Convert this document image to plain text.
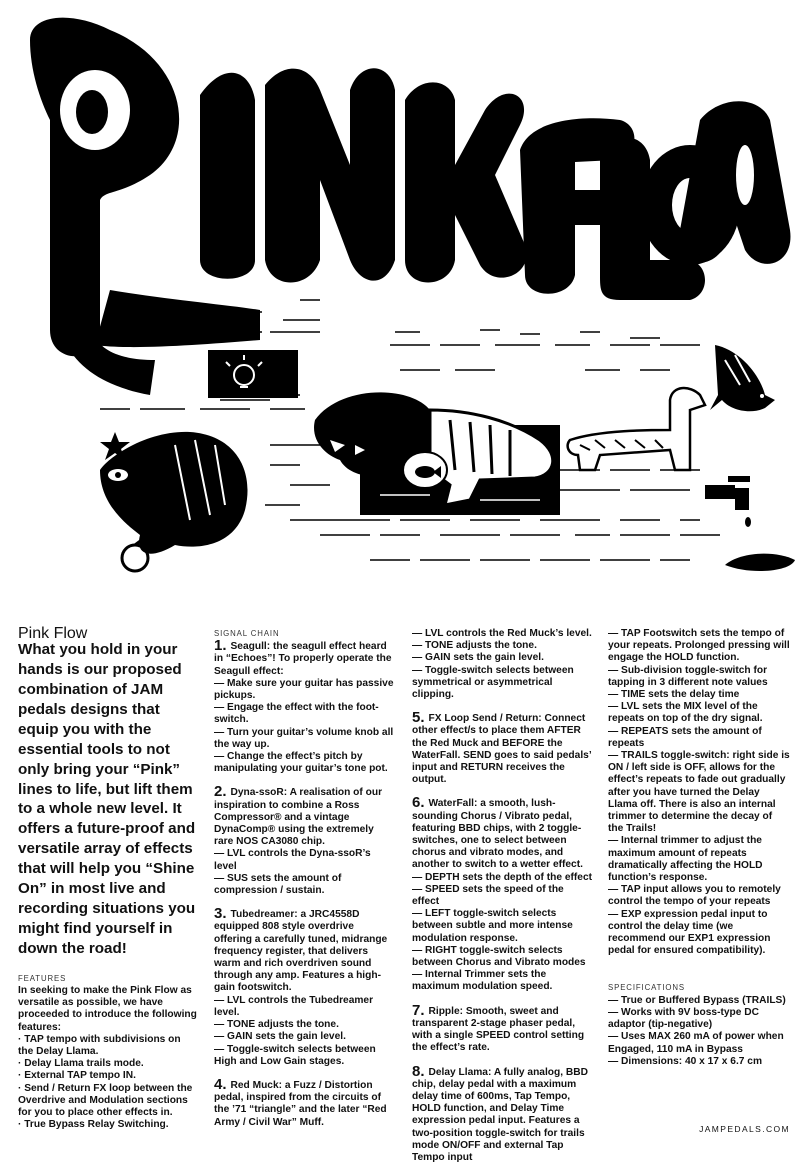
Pink Flow

What you hold in your hands is our proposed combination of JAM pedals designs that equip you with the essential tools to not only bring your “Pink” lines to life, but lift them to a whole new level. It offers a future-proof and versatile array of effects that will help you “Shine On” in most live and recording situations you might find yourself in down the road!

FEATURES

In seeking to make the Pink Flow as versatile as possible, we have proceeded to introduce the following features:

· TAP tempo with subdivisions on the Delay Llama.

· Delay Llama trails mode.

· External TAP tempo IN.

· Send / Return FX loop between the Overdrive and Modulation sections for you to place other effects in.

· True Bypass Relay Switching.

SIGNAL CHAIN

1. Seagull: the seagull effect heard in “Echoes”! To properly operate the Seagull effect:

— Make sure your guitar has passive pickups.

— Engage the effect with the foot-switch.

— Turn your guitar’s volume knob all the way up.

— Change the effect’s pitch by manipulating your guitar’s tone pot.

2. Dyna-ssoR: A realisation of our inspiration to combine a Ross Compressor® and a vintage DynaComp® using the extremely rare NOS CA3080 chip.

— LVL controls the Dyna-ssoR’s level

— SUS sets the amount of compression / sustain.

3. Tubedreamer: a JRC4558D equipped 808 style overdrive offering a carefully tuned, midrange frequency register, that delivers warm and rich overdriven sound through any amp. Features a high-gain footswitch.

— LVL controls the Tubedreamer level.

— TONE adjusts the tone.

— GAIN sets the gain level.

— Toggle-switch selects between High and Low Gain stages.

4. Red Muck: a Fuzz / Distortion pedal, inspired from the circuits of the ’71 “triangle” and the later “Red Army / Civil War” Muff.

— LVL controls the Red Muck’s level.

— TONE adjusts the tone.

— GAIN sets the gain level.

— Toggle-switch selects between symmetrical or asymmetrical clipping.

5. FX Loop Send / Return: Connect other effect/s to place them AFTER the Red Muck and BEFORE the WaterFall. SEND goes to said pedals’ input and RETURN receives the output.

6. WaterFall: a smooth, lush-sounding Chorus / Vibrato pedal, featuring BBD chips, with 2 toggle-switches, one to select between chorus and vibrato modes, and another to switch to a wetter effect.

— DEPTH sets the depth of the effect

— SPEED sets the speed of the effect

— LEFT toggle-switch selects between subtle and more intense modulation response.

— RIGHT toggle-switch selects between Chorus and Vibrato modes

— Internal Trimmer sets the maximum modulation speed.

7. Ripple: Smooth, sweet and transparent 2-stage phaser pedal, with a single SPEED control setting the effect’s rate.

8. Delay Llama: A fully analog, BBD chip, delay pedal with a maximum delay time of 600ms, Tap Tempo, HOLD function, and Delay Time expression pedal input. Features a two-position toggle-switch for trails mode ON/OFF and external Tap Tempo input

— TAP Footswitch sets the tempo of your repeats. Prolonged pressing will engage the HOLD function.

— Sub-division toggle-switch for tapping in 3 different note values

— TIME sets the delay time

— LVL sets the MIX level of the repeats on top of the dry signal.

— REPEATS sets the amount of repeats

— TRAILS toggle-switch: right side is ON / left side is OFF, allows for the effect’s repeats to fade out gradually after you have turned the Delay Llama off. There is also an internal trimmer to determine the decay of the Trails!

— Internal trimmer to adjust the maximum amount of repeats dramatically affecting the HOLD function’s response.

— TAP input allows you to remotely control the tempo of your repeats

— EXP expression pedal input to control the delay time (we recommend our EXP1 expression pedal for ensured compatibility).

SPECIFICATIONS

— True or Buffered Bypass (TRAILS)

— Works with 9V boss-type DC adaptor (tip-negative)

— Uses MAX 260 mA of power when Engaged, 110 mA in Bypass

— Dimensions: 40 x 17 x 6.7 cm

JAMPEDALS.COM
